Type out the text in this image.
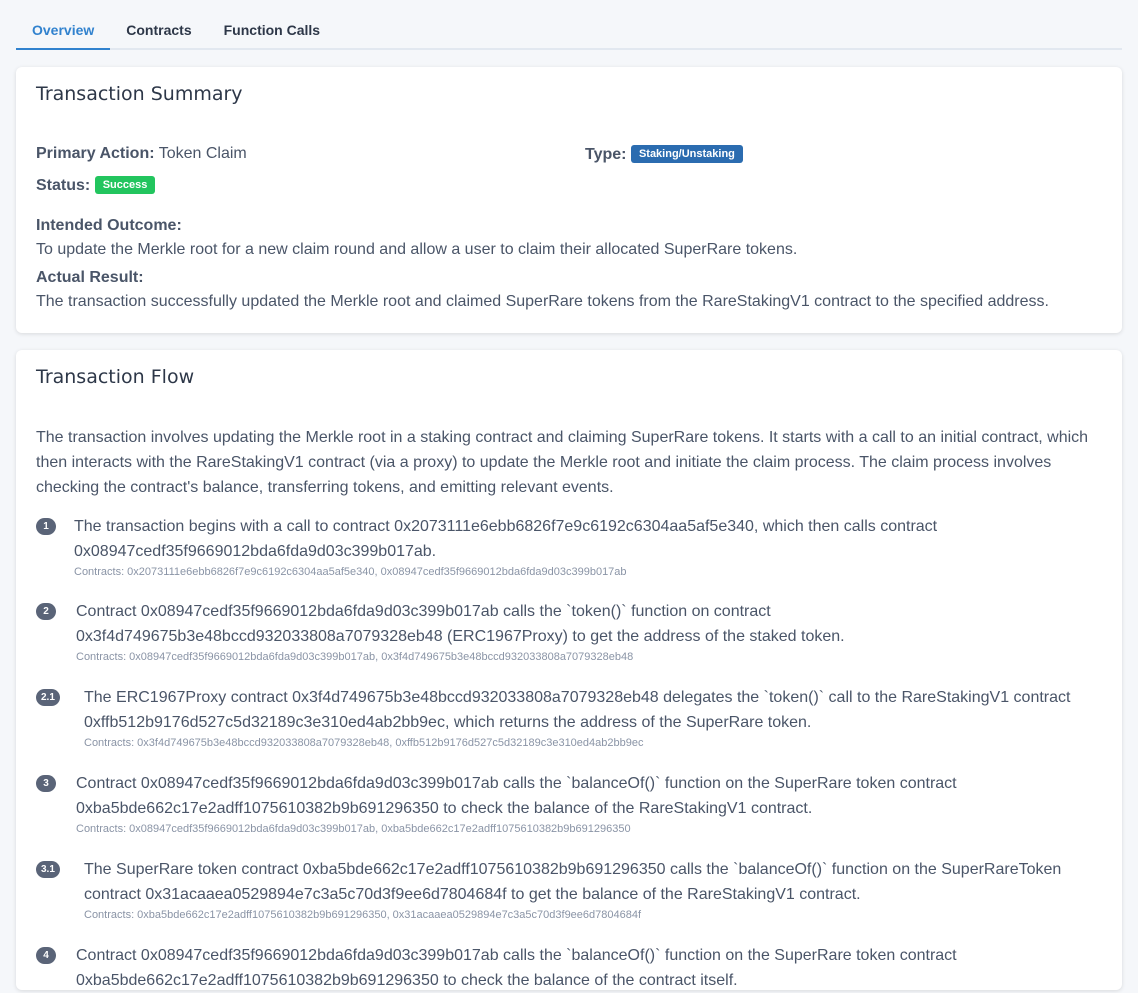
Overview	Contracts	Function Calls
Transaction Summary
Primary Action: Token Claim	Type: Staking/Unstaking
Status: Success
Intended Outcome:
To update the Merkle root for a new claim round and allow a user to claim their allocated SuperRare tokens.
Actual Result:
The transaction successfully updated the Merkle root and claimed SuperRare tokens from the RareStakingV1 contract to the specified address.
Transaction Flow
The transaction involves updating the Merkle root in a staking contract and claiming SuperRare tokens. It starts with a call to an initial contract, which then interacts with the RareStakingV1 contract (via a proxy) to update the Merkle root and initiate the claim process. The claim process involves checking the contract's balance, transferring tokens, and emitting relevant events.
1	The transaction begins with a call to contract 0x2073111e6ebb6826f7e9c6192c6304aa5af5e340, which then calls contract 0x08947cedf35f9669012bda6fda9d03c399b017ab.
Contracts: 0x2073111e6ebb6826f7e9c6192c6304aa5af5e340, 0x08947cedf35f9669012bda6fda9d03c399b017ab
2	Contract 0x08947cedf35f9669012bda6fda9d03c399b017ab calls the `token()` function on contract 0x3f4d749675b3e48bccd932033808a7079328eb48 (ERC1967Proxy) to get the address of the staked token.
Contracts: 0x08947cedf35f9669012bda6fda9d03c399b017ab, 0x3f4d749675b3e48bccd932033808a7079328eb48
2.1	The ERC1967Proxy contract 0x3f4d749675b3e48bccd932033808a7079328eb48 delegates the `token()` call to the RareStakingV1 contract 0xffb512b9176d527c5d32189c3e310ed4ab2bb9ec, which returns the address of the SuperRare token.
Contracts: 0x3f4d749675b3e48bccd932033808a7079328eb48, 0xffb512b9176d527c5d32189c3e310ed4ab2bb9ec
3	Contract 0x08947cedf35f9669012bda6fda9d03c399b017ab calls the `balanceOf()` function on the SuperRare token contract 0xba5bde662c17e2adff1075610382b9b691296350 to check the balance of the RareStakingV1 contract.
Contracts: 0x08947cedf35f9669012bda6fda9d03c399b017ab, 0xba5bde662c17e2adff1075610382b9b691296350
3.1	The SuperRare token contract 0xba5bde662c17e2adff1075610382b9b691296350 calls the `balanceOf()` function on the SuperRareToken contract 0x31acaaea0529894e7c3a5c70d3f9ee6d7804684f to get the balance of the RareStakingV1 contract.
Contracts: 0xba5bde662c17e2adff1075610382b9b691296350, 0x31acaaea0529894e7c3a5c70d3f9ee6d7804684f
4	Contract 0x08947cedf35f9669012bda6fda9d03c399b017ab calls the `balanceOf()` function on the SuperRare token contract 0xba5bde662c17e2adff1075610382b9b691296350 to check the balance of the contract itself.
